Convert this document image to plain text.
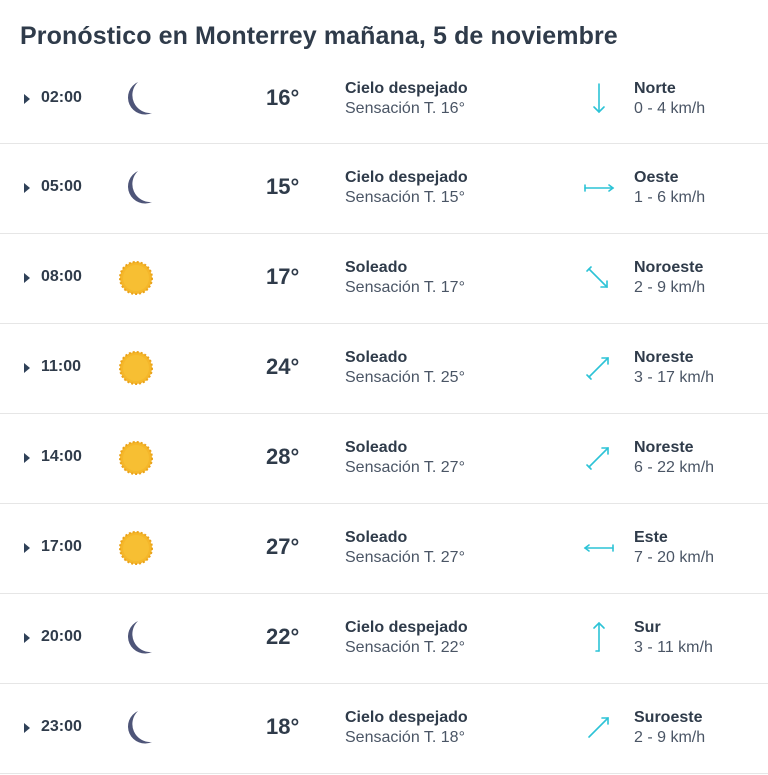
Pronóstico en Monterrey mañana, 5 de noviembre
02:00	16°	Cielo despejado
Sensación T. 16°
Norte
0 - 4 km/h
05:00	15°	Cielo despejado
Sensación T. 15°
Oeste
1 - 6 km/h
08:00	17°	Soleado
Sensación T. 17°
Noroeste
2 - 9 km/h
11:00	24°	Soleado
Sensación T. 25°
Noreste
3 - 17 km/h
14:00	28°	Soleado
Sensación T. 27°
Noreste
6 - 22 km/h
17:00	27°	Soleado
Sensación T. 27°
Este
7 - 20 km/h
20:00	22°	Cielo despejado
Sensación T. 22°
Sur
3 - 11 km/h
23:00	18°	Cielo despejado
Sensación T. 18°
Suroeste
2 - 9 km/h
